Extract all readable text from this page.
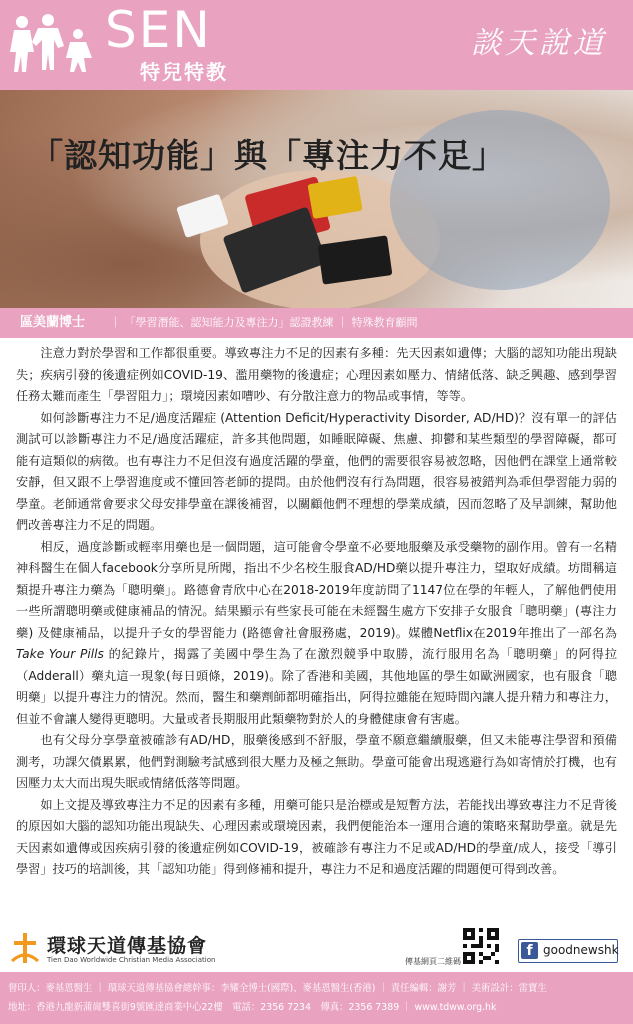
SEN
特兒特教
談天說道
「認知功能」與「專注力不足」
區美蘭博士 ｜ 「學習潛能、認知能力及專注力」認證教練 ｜ 特殊教育顧問

注意力對於學習和工作都很重要。導致專注力不足的因素有多種：先天因素如遺傳；大腦的認知功能出現缺失；疾病引發的後遺症例如COVID-19、濫用藥物的後遺症；心理因素如壓力、情緒低落、缺乏興趣、感到學習任務太難而產生「學習阻力」；環境因素如嘈吵、有分散注意力的物品或事情，等等。

如何診斷專注力不足/過度活躍症 (Attention Deficit/Hyperactivity Disorder, AD/HD)？沒有單一的評估測試可以診斷專注力不足/過度活躍症，許多其他問題，如睡眠障礙、焦慮、抑鬱和某些類型的學習障礙，都可能有這類似的病徵。也有專注力不足但沒有過度活躍的學童，他們的需要很容易被忽略，因他們在課堂上通常較安靜，但又跟不上學習進度或不懂回答老師的提問。由於他們沒有行為問題，很容易被錯判為乖但學習能力弱的學童。老師通常會要求父母安排學童在課後補習，以關顧他們不理想的學業成績，因而忽略了及早訓練，幫助他們改善專注力不足的問題。

相反，過度診斷或輕率用藥也是一個問題，這可能會令學童不必要地服藥及承受藥物的副作用。曾有一名精神科醫生在個人facebook分享所見所聞，指出不少名校生服食AD/HD藥以提升專注力，望取好成績。坊間稱這類提升專注力藥為「聰明藥」。路德會青欣中心在2018-2019年度訪問了1147位在學的年輕人，了解他們使用一些所謂聰明藥或健康補品的情況。結果顯示有些家長可能在未經醫生處方下安排子女服食「聰明藥」(專注力藥) 及健康補品，以提升子女的學習能力 (路德會社會服務處，2019)。媒體Netflix在2019年推出了一部名為 Take Your Pills 的紀錄片，揭露了美國中學生為了在激烈競爭中取勝，流行服用名為「聰明藥」的阿得拉（Adderall）藥丸這一現象(每日頭條，2019)。除了香港和美國，其他地區的學生如歐洲國家，也有服食「聰明藥」以提升專注力的情況。然而，醫生和藥劑師都明確指出，阿得拉雖能在短時間內讓人提升精力和專注力，但並不會讓人變得更聰明。大量或者長期服用此類藥物對於人的身體健康會有害處。

也有父母分享學童被確診有AD/HD，服藥後感到不舒服，學童不願意繼續服藥，但又未能專注學習和預備測考，功課欠債累累，他們對測驗考試感到很大壓力及極之無助。學童可能會出現逃避行為如寄情於打機，也有因壓力太大而出現失眠或情緒低落等問題。

如上文提及導致專注力不足的因素有多種，用藥可能只是治標或是短暫方法，若能找出導致專注力不足背後的原因如大腦的認知功能出現缺失、心理因素或環境因素，我們便能治本一運用合適的策略來幫助學童。就是先天因素如遺傳或因疾病引發的後遺症例如COVID-19，被確診有專注力不足或AD/HD的學童/成人，接受「導引學習」技巧的培訓後，其「認知功能」得到修補和提升，專注力不足和過度活躍的問題便可得到改善。

環球天道傳基協會
Tien Dao Worldwide Christian Media Association	傳基網頁二維碼
f goodnewshk
督印人：麥基恩醫生 ｜ 環球天道傳基協會總幹事：李耀全博士(國際)、麥基恩醫生(香港) ｜ 責任編輯：謝芳 ｜ 美術設計：雷寶生
地址：香港九龍新蒲崗雙喜街9號匯達商業中心22樓　電話：2356 7234　傳真：2356 7389 ｜ www.tdww.org.hk
